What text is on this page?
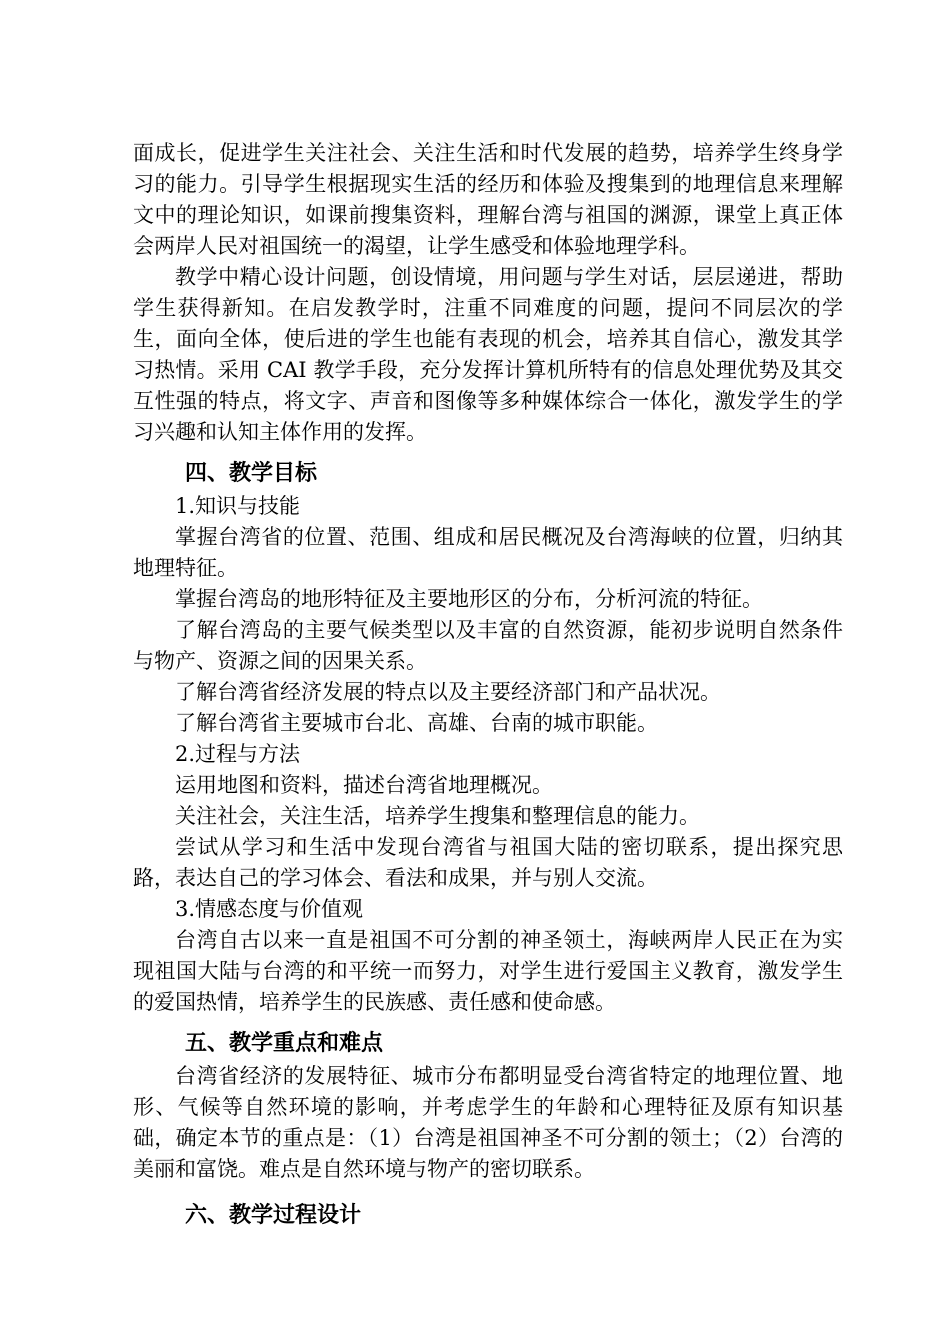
面成长，促进学生关注社会、关注生活和时代发展的趋势，培养学生终身学习的能力。引导学生根据现实生活的经历和体验及搜集到的地理信息来理解文中的理论知识，如课前搜集资料，理解台湾与祖国的渊源，课堂上真正体会两岸人民对祖国统一的渴望，让学生感受和体验地理学科。

教学中精心设计问题，创设情境，用问题与学生对话，层层递进，帮助学生获得新知。在启发教学时，注重不同难度的问题，提问不同层次的学生，面向全体，使后进的学生也能有表现的机会，培养其自信心，激发其学习热情。采用 CAI 教学手段，充分发挥计算机所特有的信息处理优势及其交互性强的特点，将文字、声音和图像等多种媒体综合一体化，激发学生的学习兴趣和认知主体作用的发挥。

四、教学目标

1.知识与技能

掌握台湾省的位置、范围、组成和居民概况及台湾海峡的位置，归纳其地理特征。

掌握台湾岛的地形特征及主要地形区的分布，分析河流的特征。

了解台湾岛的主要气候类型以及丰富的自然资源，能初步说明自然条件与物产、资源之间的因果关系。

了解台湾省经济发展的特点以及主要经济部门和产品状况。

了解台湾省主要城市台北、高雄、台南的城市职能。

2.过程与方法

运用地图和资料，描述台湾省地理概况。

关注社会，关注生活，培养学生搜集和整理信息的能力。

尝试从学习和生活中发现台湾省与祖国大陆的密切联系，提出探究思路，表达自己的学习体会、看法和成果，并与别人交流。

3.情感态度与价值观

台湾自古以来一直是祖国不可分割的神圣领土，海峡两岸人民正在为实现祖国大陆与台湾的和平统一而努力，对学生进行爱国主义教育，激发学生的爱国热情，培养学生的民族感、责任感和使命感。

五、教学重点和难点

台湾省经济的发展特征、城市分布都明显受台湾省特定的地理位置、地形、气候等自然环境的影响，并考虑学生的年龄和心理特征及原有知识基础，确定本节的重点是：（1）台湾是祖国神圣不可分割的领土；（2）台湾的美丽和富饶。难点是自然环境与物产的密切联系。

六、教学过程设计
